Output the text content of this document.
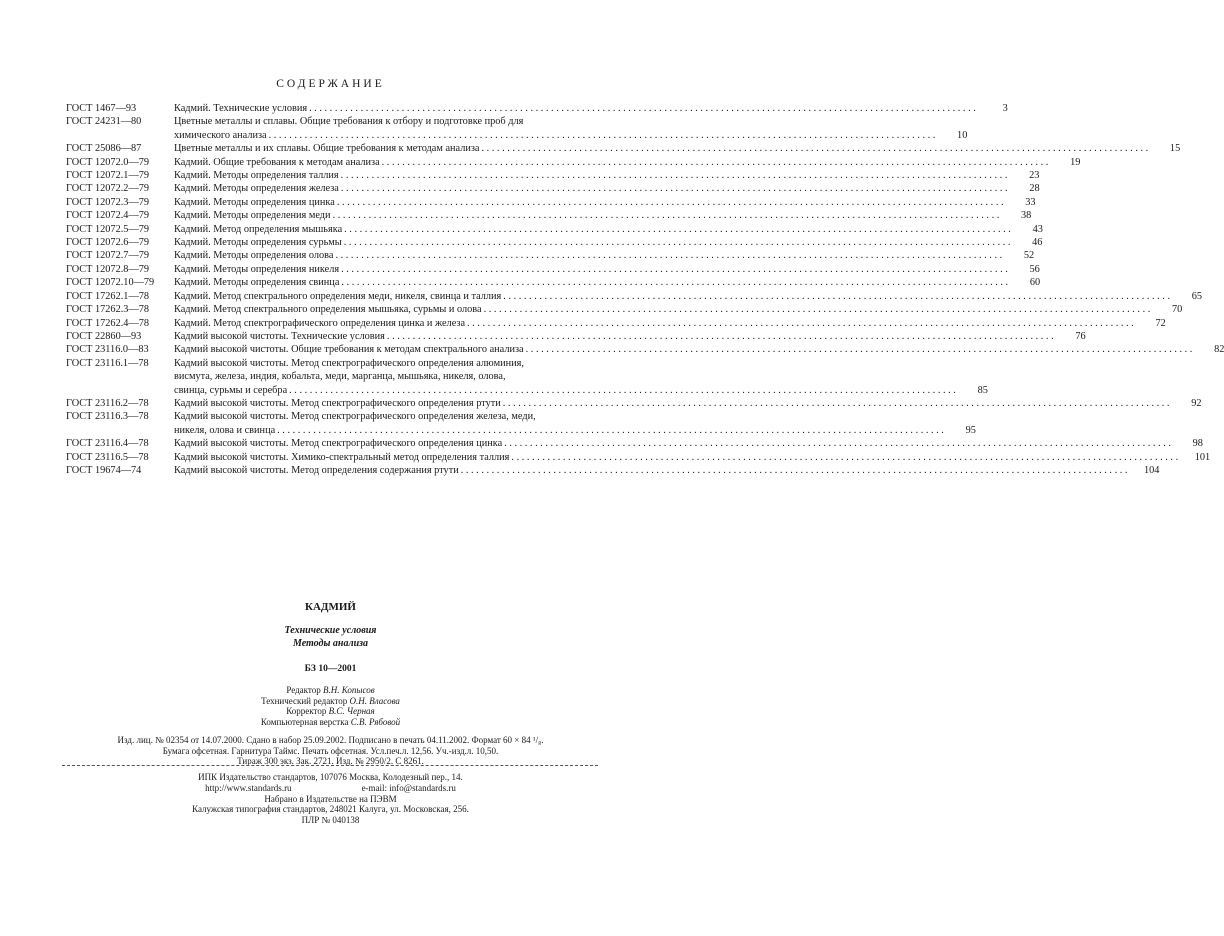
СОДЕРЖАНИЕ
ГОСТ 1467—93	Кадмий. Технические условия . . .	3
ГОСТ 24231—80	Цветные металлы и сплавы. Общие требования к отбору и подготовке проб для
химического анализа . . .	10
ГОСТ 25086—87	Цветные металлы и их сплавы. Общие требования к методам анализа . . .	15
ГОСТ 12072.0—79	Кадмий. Общие требования к методам анализа . . .	19
ГОСТ 12072.1—79	Кадмий. Методы определения таллия . . .	23
ГОСТ 12072.2—79	Кадмий. Методы определения железа . . .	28
ГОСТ 12072.3—79	Кадмий. Методы определения цинка . . .	33
ГОСТ 12072.4—79	Кадмий. Методы определения меди . . .	38
ГОСТ 12072.5—79	Кадмий. Метод определения мышьяка . . .	43
ГОСТ 12072.6—79	Кадмий. Методы определения сурьмы . . .	46
ГОСТ 12072.7—79	Кадмий. Методы определения олова . . .	52
ГОСТ 12072.8—79	Кадмий. Методы определения никеля . . .	56
ГОСТ 12072.10—79	Кадмий. Методы определения свинца . . .	60
ГОСТ 17262.1—78	Кадмий. Метод спектрального определения меди, никеля, свинца и таллия . . .	65
ГОСТ 17262.3—78	Кадмий. Метод спектрального определения мышьяка, сурьмы и олова . . .	70
ГОСТ 17262.4—78	Кадмий. Метод спектрографического определения цинка и железа . . .	72
ГОСТ 22860—93	Кадмий высокой чистоты. Технические условия . . .	76
ГОСТ 23116.0—83	Кадмий высокой чистоты. Общие требования к методам спектрального анализа . . .	82
ГОСТ 23116.1—78	Кадмий высокой чистоты. Метод спектрографического определения алюминия,
висмута, железа, индия, кобальта, меди, марганца, мышьяка, никеля, олова,
свинца, сурьмы и серебра . . .	85
ГОСТ 23116.2—78	Кадмий высокой чистоты. Метод спектрографического определения ртути . . .	92
ГОСТ 23116.3—78	Кадмий высокой чистоты. Метод спектрографического определения железа, меди,
никеля, олова и свинца . . .	95
ГОСТ 23116.4—78	Кадмий высокой чистоты. Метод спектрографического определения цинка . . .	98
ГОСТ 23116.5—78	Кадмий высокой чистоты. Химико-спектральный метод определения таллия . . .	101
ГОСТ 19674—74	Кадмий высокой чистоты. Метод определения содержания ртути . . .	104
КАДМИЙ
Технические условия
Методы анализа
БЗ 10—2001
Редактор В.Н. Копысов
Технический редактор О.Н. Власова
Корректор В.С. Черная
Компьютерная верстка С.В. Рябовой
Изд. лиц. № 02354 от 14.07.2000. Сдано в набор 25.09.2002. Подписано в печать 04.11.2002. Формат 60 × 84 ¹/₈.
Бумага офсетная. Гарнитура Таймс. Печать офсетная. Усл.печ.л. 12,56. Уч.-изд.л. 10,50.
Тираж 300 экз. Зак. 2721. Изд. № 2950/2. С 8261.
ИПК Издательство стандартов, 107076 Москва, Колодезный пер., 14.
http://www.standards.ru	e-mail: info@standards.ru
Набрано в Издательстве на ПЭВМ
Калужская типография стандартов, 248021 Калуга, ул. Московская, 256.
ПЛР № 040138
